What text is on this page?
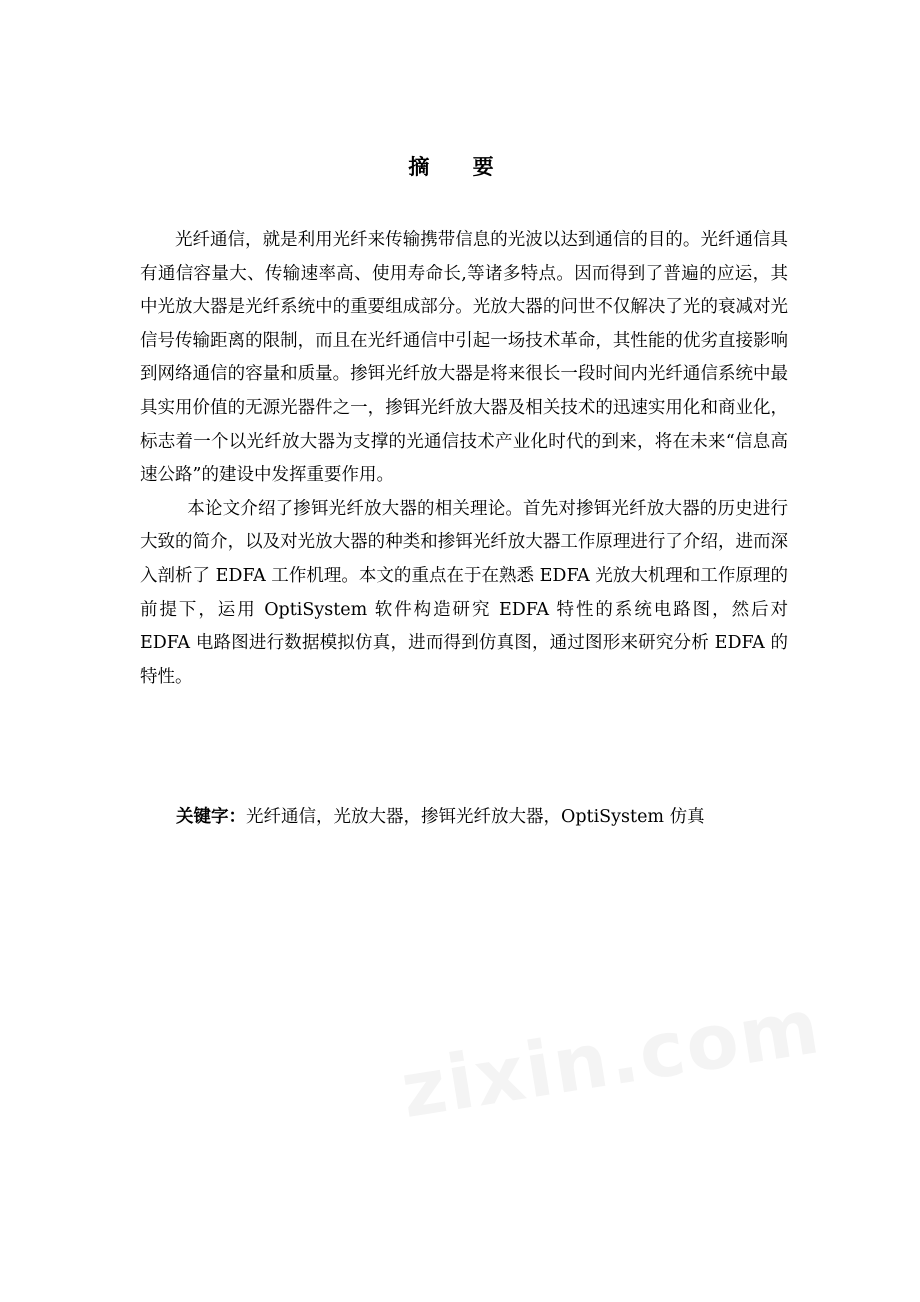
zixin.com
摘 要

光纤通信，就是利用光纤来传输携带信息的光波以达到通信的目的。光纤通信具有通信容量大、传输速率高、使用寿命长,等诸多特点。因而得到了普遍的应运，其中光放大器是光纤系统中的重要组成部分。光放大器的问世不仅解决了光的衰减对光信号传输距离的限制，而且在光纤通信中引起一场技术革命，其性能的优劣直接影响到网络通信的容量和质量。掺铒光纤放大器是将来很长一段时间内光纤通信系统中最具实用价值的无源光器件之一，掺铒光纤放大器及相关技术的迅速实用化和商业化，标志着一个以光纤放大器为支撑的光通信技术产业化时代的到来，将在未来“信息高速公路”的建设中发挥重要作用。

本论文介绍了掺铒光纤放大器的相关理论。首先对掺铒光纤放大器的历史进行大致的简介，以及对光放大器的种类和掺铒光纤放大器工作原理进行了介绍，进而深入剖析了 EDFA 工作机理。本文的重点在于在熟悉 EDFA 光放大机理和工作原理的前提下，运用 OptiSystem 软件构造研究 EDFA 特性的系统电路图，然后对 EDFA 电路图进行数据模拟仿真，进而得到仿真图，通过图形来研究分析 EDFA 的特性。

关键字：光纤通信，光放大器，掺铒光纤放大器，OptiSystem 仿真
